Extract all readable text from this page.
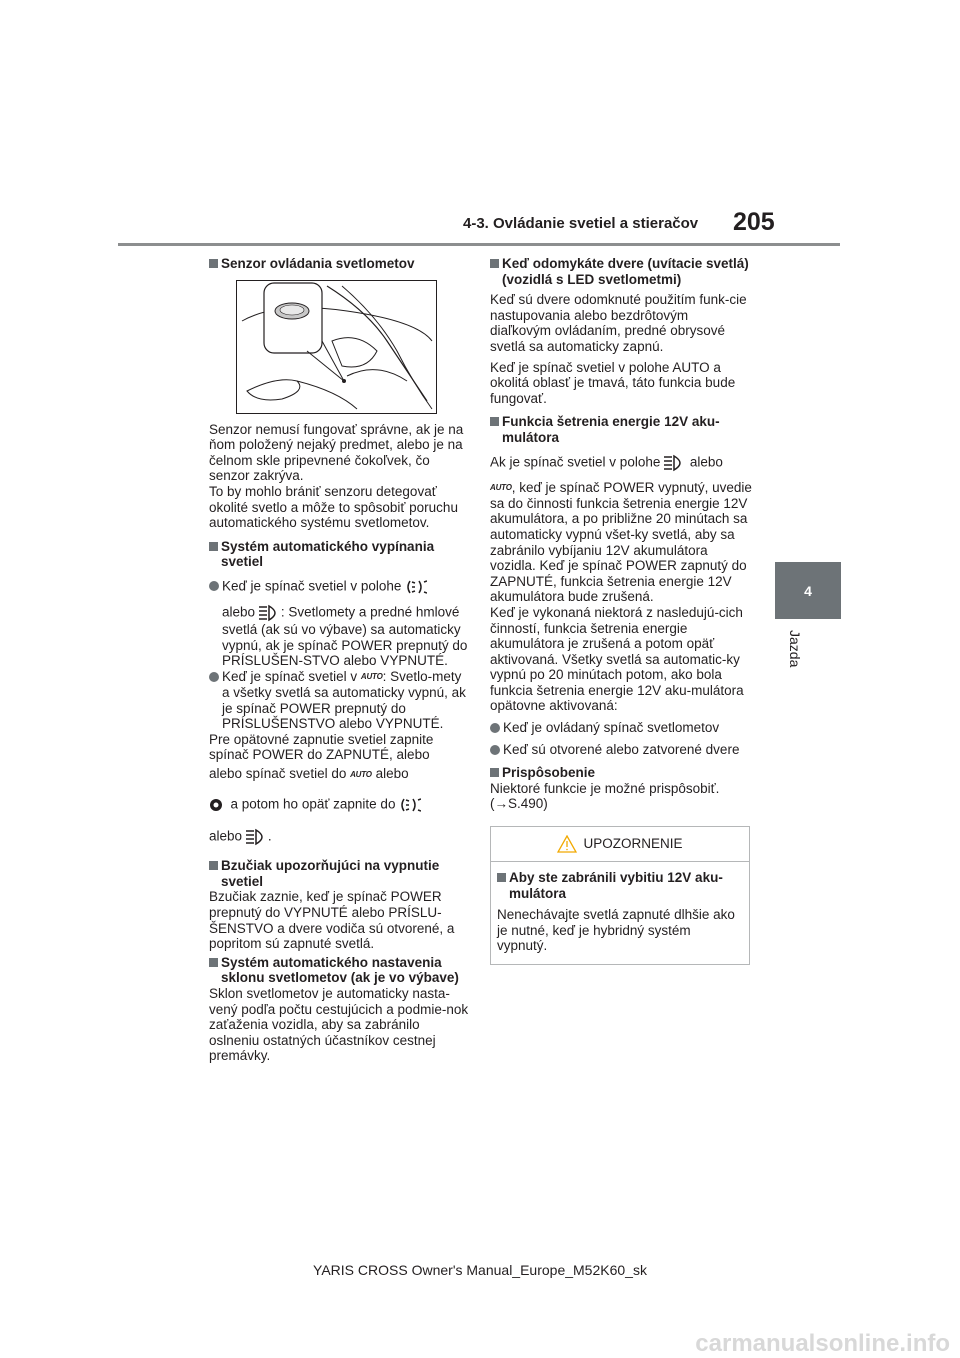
4-3. Ovládanie svetiel a stieračov 205
4
Jazda
Senzor ovládania svetlometov

Senzor nemusí fungovať správne, ak je na ňom položený nejaký predmet, alebo je na čelnom skle pripevnené čokoľvek, čo senzor zakrýva.

To by mohlo brániť senzoru detegovať okolité svetlo a môže to spôsobiť poruchu automatického systému svetlometov.

Systém automatického vypínania svetiel
Keď je spínač svetiel v polohe
alebo : Svetlomety a predné hmlové svetlá (ak sú vo výbave) sa automaticky vypnú, ak je spínač POWER prepnutý do PRÍSLUŠEN-STVO alebo VYPNUTÉ.
Keď je spínač svetiel v AUTO: Svetlo-mety a všetky svetlá sa automaticky vypnú, ak je spínač POWER prepnutý do PRÍSLUŠENSTVO alebo VYPNUTÉ.

Pre opätovné zapnutie svetiel zapnite spínač POWER do ZAPNUTÉ, alebo

alebo spínač svetiel do AUTO alebo

a potom ho opäť zapnite do

alebo .

Bzučiak upozorňujúci na vypnutie svetiel

Bzučiak zaznie, keď je spínač POWER prepnutý do VYPNUTÉ alebo PRÍSLU-ŠENSTVO a dvere vodiča sú otvorené, a popritom sú zapnuté svetlá.

Systém automatického nastavenia sklonu svetlometov (ak je vo výbave)

Sklon svetlometov je automaticky nasta-vený podľa počtu cestujúcich a podmie-nok zaťaženia vozidla, aby sa zabránilo oslneniu ostatných účastníkov cestnej premávky.

Keď odomykáte dvere (uvítacie svetlá) (vozidlá s LED svetlometmi)

Keď sú dvere odomknuté použitím funk-cie nastupovania alebo bezdrôtovým diaľkovým ovládaním, predné obrysové svetlá sa automaticky zapnú.

Keď je spínač svetiel v polohe AUTO a okolitá oblasť je tmavá, táto funkcia bude fungovať.

Funkcia šetrenia energie 12V aku-mulátora

Ak je spínač svetiel v polohe alebo

AUTO, keď je spínač POWER vypnutý, uvedie sa do činnosti funkcia šetrenia energie 12V akumulátora, a po približne 20 minútach sa automaticky vypnú všet-ky svetlá, aby sa zabránilo vybíjaniu 12V akumulátora vozidla. Keď je spínač POWER zapnutý do ZAPNUTÉ, funkcia šetrenia energie 12V akumulátora bude zrušená.

Keď je vykonaná niektorá z nasledujú-cich činností, funkcia šetrenia energie akumulátora je zrušená a potom opäť aktivovaná. Všetky svetlá sa automatic-ky vypnú po 20 minútach potom, ako bola funkcia šetrenia energie 12V aku-mulátora opätovne aktivovaná:

Keď je ovládaný spínač svetlometov
Keď sú otvorené alebo zatvorené dvere
Prispôsobenie

Niektoré funkcie je možné prispôsobiť. (→S.490)

UPOZORNENIE
Aby ste zabránili vybitiu 12V aku-mulátora

Nenechávajte svetlá zapnuté dlhšie ako je nutné, keď je hybridný systém vypnutý.

YARIS CROSS Owner's Manual_Europe_M52K60_sk
carmanualsonline.info
